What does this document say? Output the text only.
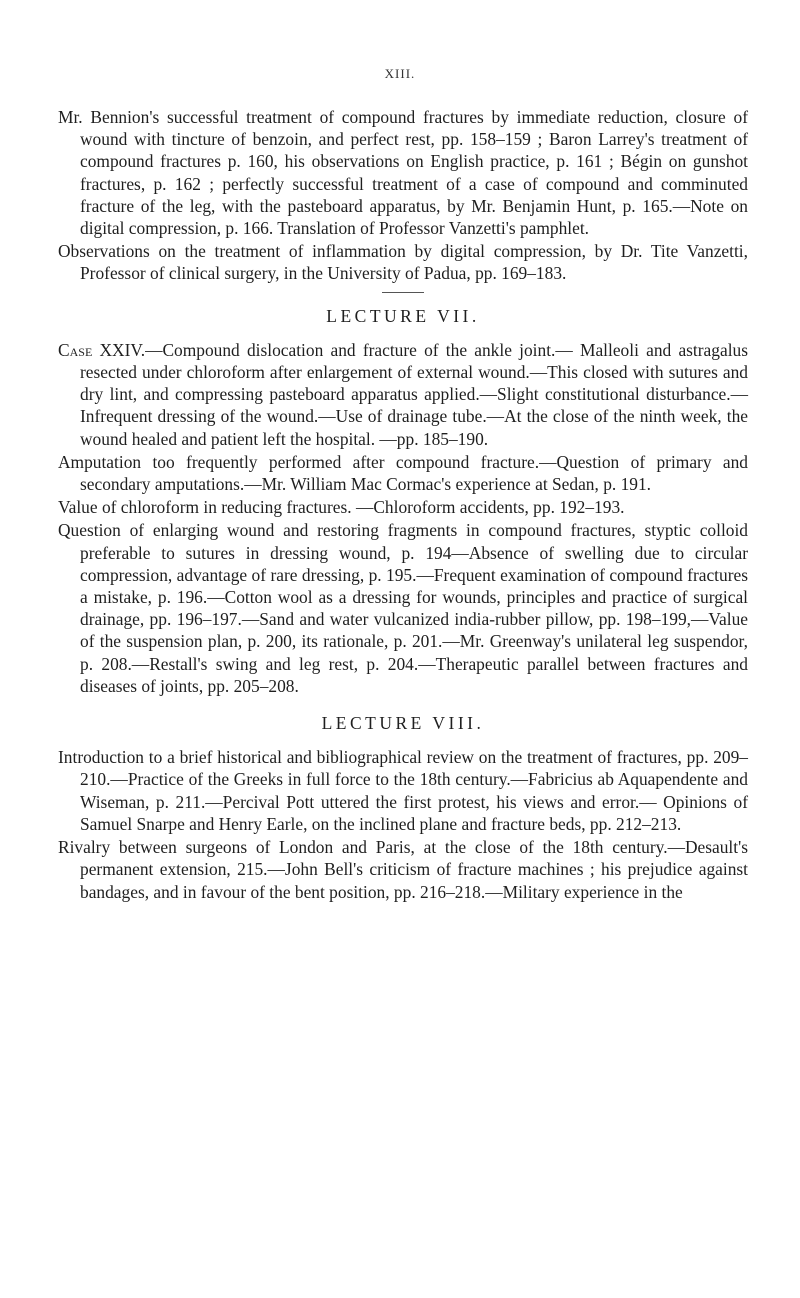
XIII.

Mr. Bennion's successful treatment of compound fractures by immediate reduction, closure of wound with tincture of benzoin, and perfect rest, pp. 158–159 ; Baron Larrey's treatment of compound fractures p. 160, his observations on English practice, p. 161 ; Bégin on gunshot fractures, p. 162 ; perfectly successful treatment of a case of compound and comminuted fracture of the leg, with the pasteboard apparatus, by Mr. Benjamin Hunt, p. 165.—Note on digital compression, p. 166. Translation of Professor Vanzetti's pamphlet.

Observations on the treatment of inflammation by digital compression, by Dr. Tite Vanzetti, Professor of clinical surgery, in the University of Padua, pp. 169–183.

LECTURE VII.

Case XXIV.—Compound dislocation and fracture of the ankle joint.— Malleoli and astragalus resected under chloroform after enlargement of external wound.—This closed with sutures and dry lint, and compressing pasteboard apparatus applied.—Slight constitutional disturbance.— Infrequent dressing of the wound.—Use of drainage tube.—At the close of the ninth week, the wound healed and patient left the hospital. —pp. 185–190.

Amputation too frequently performed after compound fracture.—Question of primary and secondary amputations.—Mr. William Mac Cormac's experience at Sedan, p. 191.

Value of chloroform in reducing fractures. —Chloroform accidents, pp. 192–193.

Question of enlarging wound and restoring fragments in compound fractures, styptic colloid preferable to sutures in dressing wound, p. 194—Absence of swelling due to circular compression, advantage of rare dressing, p. 195.—Frequent examination of compound fractures a mistake, p. 196.—Cotton wool as a dressing for wounds, principles and practice of surgical drainage, pp. 196–197.—Sand and water vulcanized india-rubber pillow, pp. 198–199,—Value of the suspension plan, p. 200, its rationale, p. 201.—Mr. Greenway's unilateral leg suspendor, p. 208.—Restall's swing and leg rest, p. 204.—Therapeutic parallel between fractures and diseases of joints, pp. 205–208.

LECTURE VIII.

Introduction to a brief historical and bibliographical review on the treatment of fractures, pp. 209–210.—Practice of the Greeks in full force to the 18th century.—Fabricius ab Aquapendente and Wiseman, p. 211.—Percival Pott uttered the first protest, his views and error.— Opinions of Samuel Snarpe and Henry Earle, on the inclined plane and fracture beds, pp. 212–213.

Rivalry between surgeons of London and Paris, at the close of the 18th century.—Desault's permanent extension, 215.—John Bell's criticism of fracture machines ; his prejudice against bandages, and in favour of the bent position, pp. 216–218.—Military experience in the
